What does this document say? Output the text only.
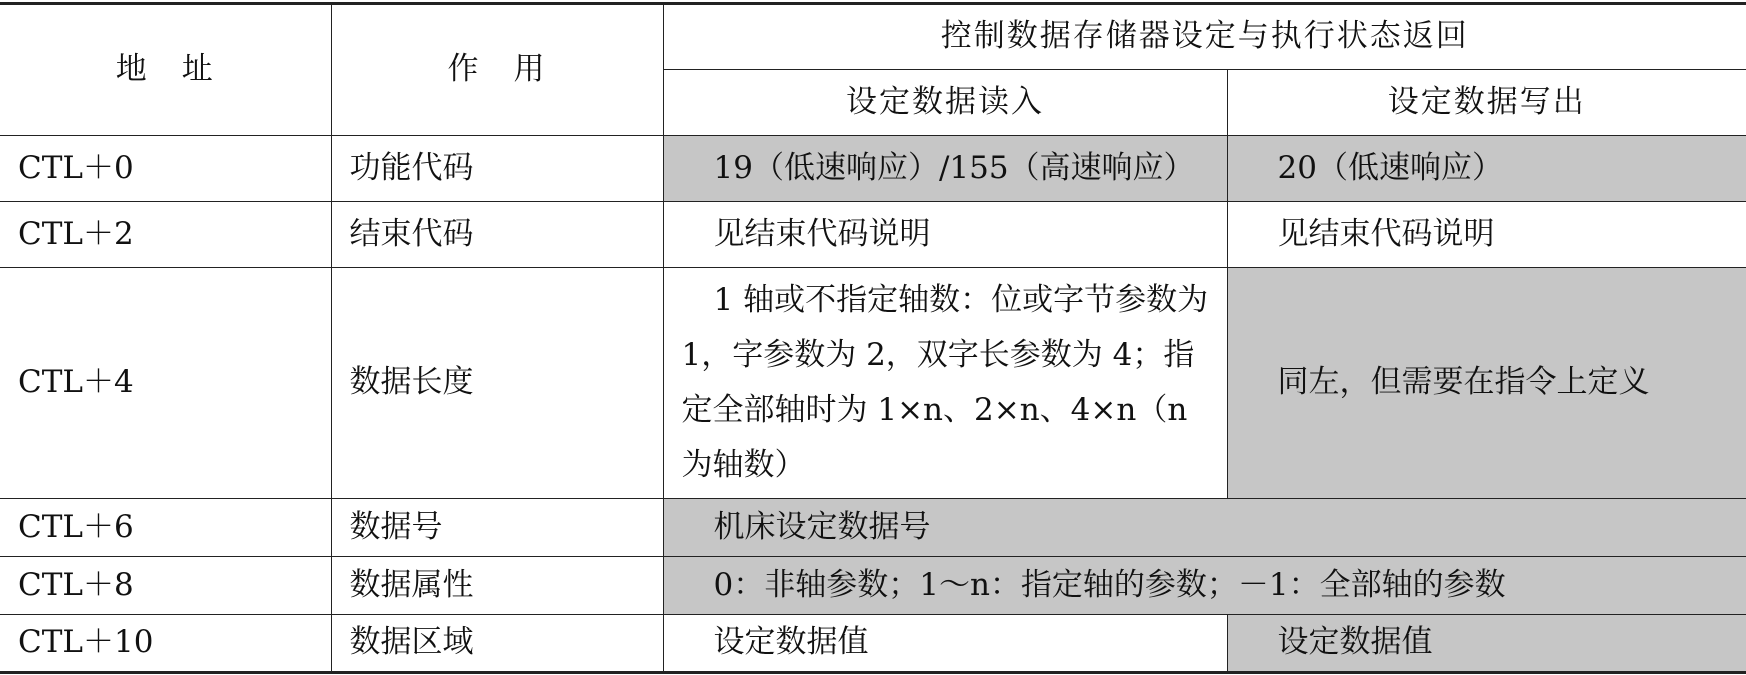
地　址	作　用	控制数据存储器设定与执行状态返回	
		设定数据读入	设定数据写出
CTL＋0	功能代码	19（低速响应）/155（高速响应）	20（低速响应）
CTL＋2	结束代码	见结束代码说明	见结束代码说明
CTL＋4	数据长度	1 轴或不指定轴数：位或字节参数为 1，字参数为 2，双字长参数为 4；指定全部轴时为 1×n、2×n、4×n（n 为轴数）	同左，但需要在指令上定义
CTL＋6	数据号	机床设定数据号	
CTL＋8	数据属性	0：非轴参数；1～n：指定轴的参数；－1：全部轴的参数	
CTL＋10	数据区域	设定数据值	设定数据值
